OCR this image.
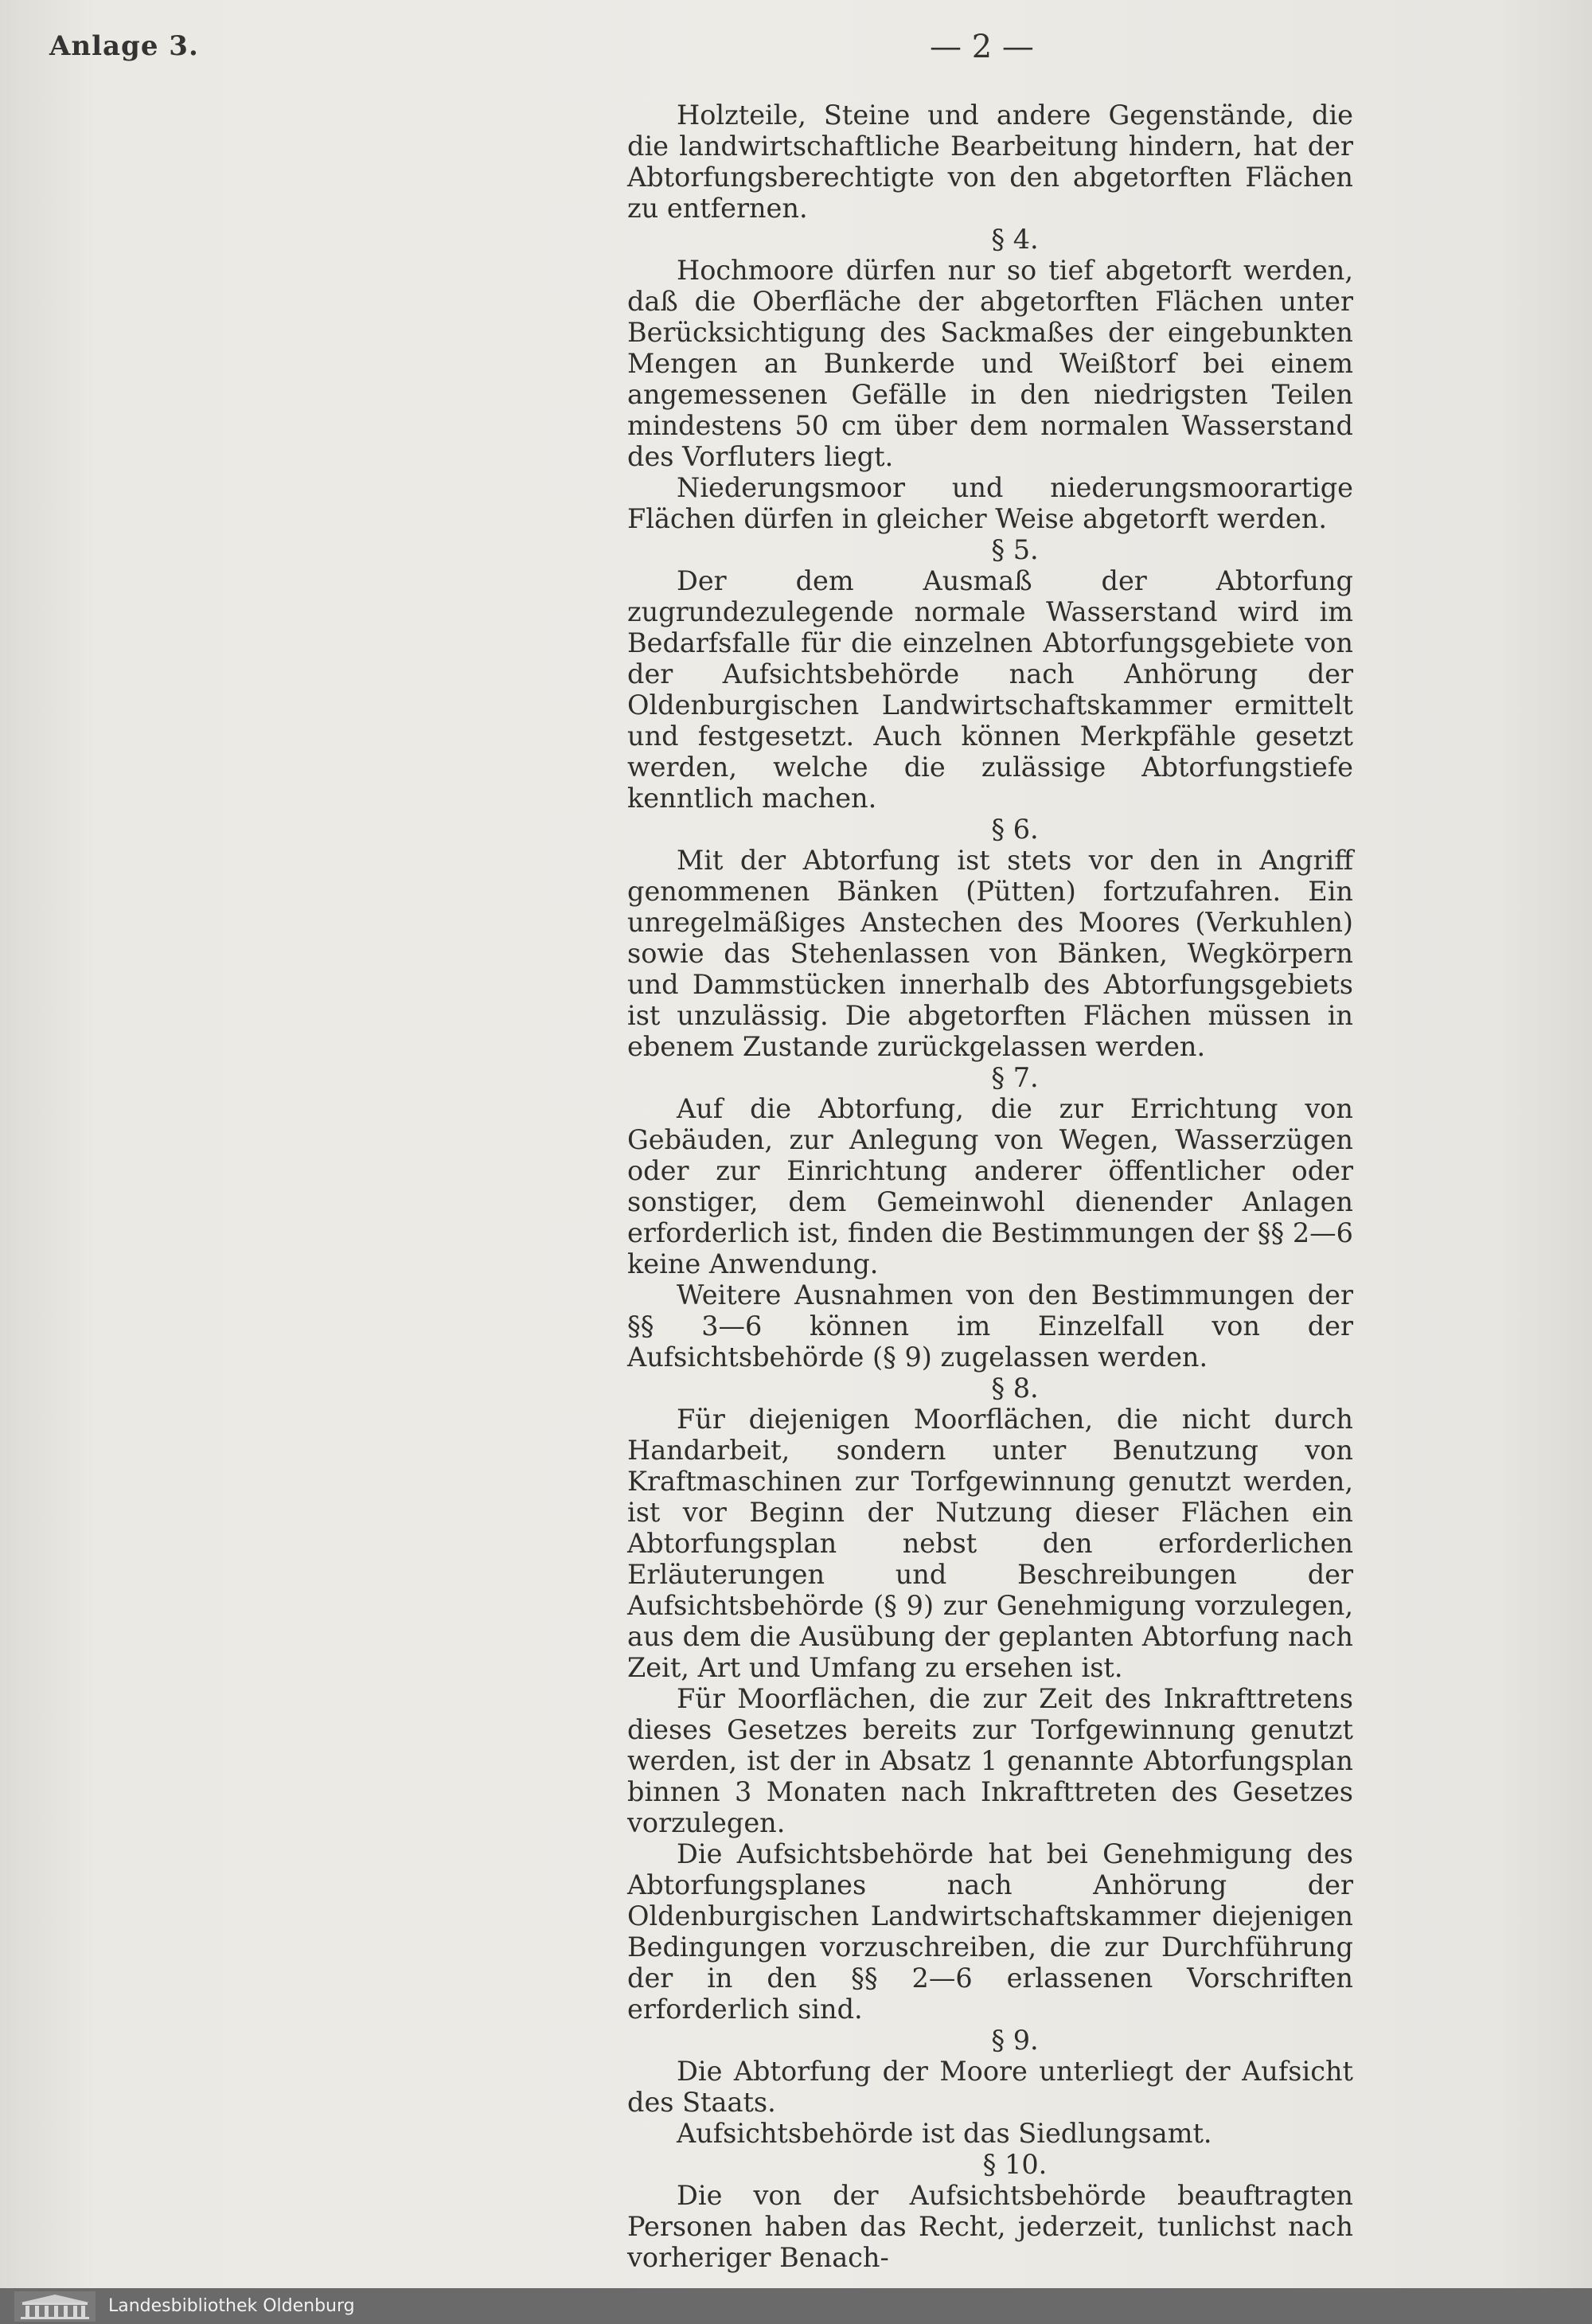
Anlage 3.	— 2 —

Holzteile, Steine und andere Gegenstände, die die landwirtschaftliche Bearbeitung hindern, hat der Abtorfungsberechtigte von den abgetorften Flächen zu entfernen.

§ 4.

Hochmoore dürfen nur so tief abgetorft werden, daß die Oberfläche der abgetorften Flächen unter Berücksichtigung des Sackmaßes der eingebunkten Mengen an Bunkerde und Weißtorf bei einem angemessenen Gefälle in den niedrigsten Teilen mindestens 50 cm über dem normalen Wasserstand des Vorfluters liegt.

Niederungsmoor und niederungsmoorartige Flächen dürfen in gleicher Weise abgetorft werden.

§ 5.

Der dem Ausmaß der Abtorfung zugrundezulegende normale Wasserstand wird im Bedarfsfalle für die einzelnen Abtorfungsgebiete von der Aufsichtsbehörde nach Anhörung der Oldenburgischen Landwirtschaftskammer ermittelt und festgesetzt. Auch können Merkpfähle gesetzt werden, welche die zulässige Abtorfungstiefe kenntlich machen.

§ 6.

Mit der Abtorfung ist stets vor den in Angriff genommenen Bänken (Pütten) fortzufahren. Ein unregelmäßiges Anstechen des Moores (Verkuhlen) sowie das Stehenlassen von Bänken, Wegkörpern und Dammstücken innerhalb des Abtorfungsgebiets ist unzulässig. Die abgetorften Flächen müssen in ebenem Zustande zurückgelassen werden.

§ 7.

Auf die Abtorfung, die zur Errichtung von Gebäuden, zur Anlegung von Wegen, Wasserzügen oder zur Einrichtung anderer öffentlicher oder sonstiger, dem Gemeinwohl dienender Anlagen erforderlich ist, finden die Bestimmungen der §§ 2—6 keine Anwendung.

Weitere Ausnahmen von den Bestimmungen der §§ 3—6 können im Einzelfall von der Aufsichtsbehörde (§ 9) zugelassen werden.

§ 8.

Für diejenigen Moorflächen, die nicht durch Handarbeit, sondern unter Benutzung von Kraftmaschinen zur Torfgewinnung genutzt werden, ist vor Beginn der Nutzung dieser Flächen ein Abtorfungsplan nebst den erforderlichen Erläuterungen und Beschreibungen der Aufsichtsbehörde (§ 9) zur Genehmigung vorzulegen, aus dem die Ausübung der geplanten Abtorfung nach Zeit, Art und Umfang zu ersehen ist.

Für Moorflächen, die zur Zeit des Inkrafttretens dieses Gesetzes bereits zur Torfgewinnung genutzt werden, ist der in Absatz 1 genannte Abtorfungsplan binnen 3 Monaten nach Inkrafttreten des Gesetzes vorzulegen.

Die Aufsichtsbehörde hat bei Genehmigung des Abtorfungsplanes nach Anhörung der Oldenburgischen Landwirtschaftskammer diejenigen Bedingungen vorzuschreiben, die zur Durchführung der in den §§ 2—6 erlassenen Vorschriften erforderlich sind.

§ 9.

Die Abtorfung der Moore unterliegt der Aufsicht des Staats.

Aufsichtsbehörde ist das Siedlungsamt.

§ 10.

Die von der Aufsichtsbehörde beauftragten Personen haben das Recht, jederzeit, tunlichst nach vorheriger Benach-

Landesbibliothek Oldenburg
